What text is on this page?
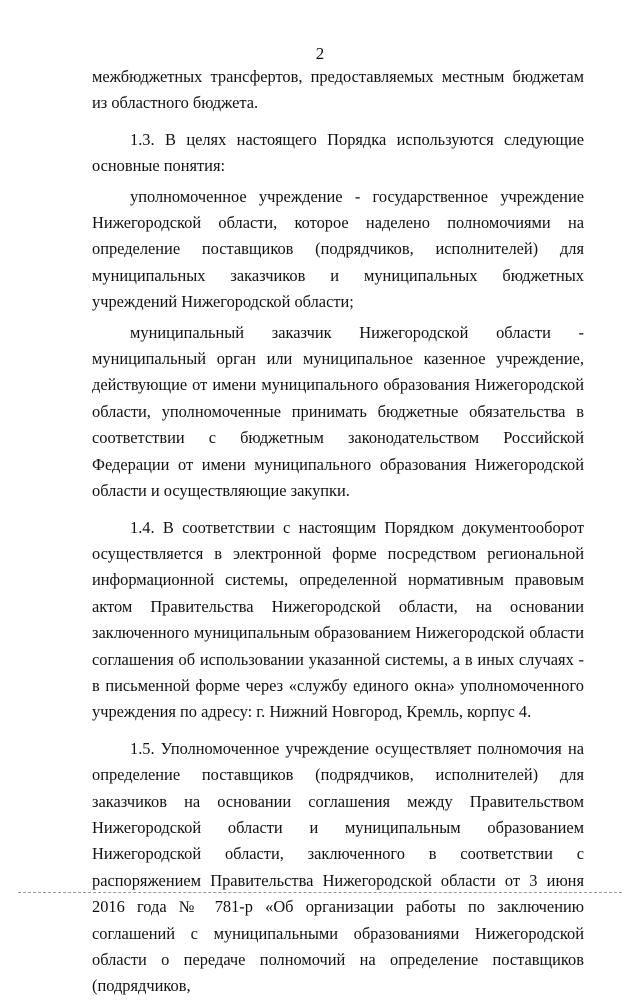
2

межбюджетных трансфертов, предоставляемых местным бюджетам из областного бюджета.

1.3. В целях настоящего Порядка используются следующие основные понятия:

уполномоченное учреждение - государственное учреждение Нижегородской области, которое наделено полномочиями на определение поставщиков (подрядчиков, исполнителей) для муниципальных заказчиков и муниципальных бюджетных учреждений Нижегородской области;

муниципальный заказчик Нижегородской области - муниципальный орган или муниципальное казенное учреждение, действующие от имени муниципального образования Нижегородской области, уполномоченные принимать бюджетные обязательства в соответствии с бюджетным законодательством Российской Федерации от имени муниципального образования Нижегородской области и осуществляющие закупки.

1.4. В соответствии с настоящим Порядком документооборот осуществляется в электронной форме посредством региональной информационной системы, определенной нормативным правовым актом Правительства Нижегородской области, на основании заключенного муниципальным образованием Нижегородской области соглашения об использовании указанной системы, а в иных случаях - в письменной форме через «службу единого окна» уполномоченного учреждения по адресу: г. Нижний Новгород, Кремль, корпус 4.

1.5. Уполномоченное учреждение осуществляет полномочия на определение поставщиков (подрядчиков, исполнителей) для заказчиков на основании соглашения между Правительством Нижегородской области и муниципальным образованием Нижегородской области, заключенного в соответствии с распоряжением Правительства Нижегородской области от 3 июня 2016 года № 781-р «Об организации работы по заключению соглашений с муниципальными образованиями Нижегородской области о передаче полномочий на определение поставщиков (подрядчиков,
